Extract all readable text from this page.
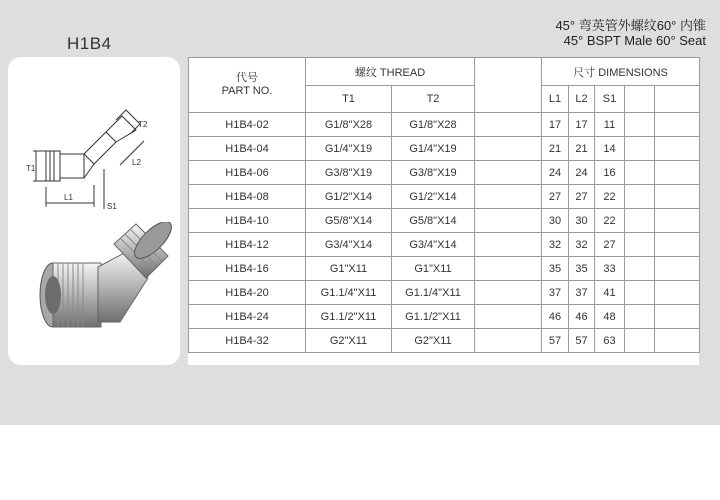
H1B4
45° 弯英管外螺纹60° 内锥
45° BSPT Male 60° Seat
T1
L1
S1
L2
T2
代号
PART NO.	螺纹 THREAD			尺寸 DIMENSIONS				
	T1	T2		L1	L2	S1		
H1B4-02	G1/8"X28	G1/8"X28		17	17	11		
H1B4-04	G1/4"X19	G1/4"X19		21	21	14		
H1B4-06	G3/8"X19	G3/8"X19		24	24	16		
H1B4-08	G1/2"X14	G1/2"X14		27	27	22		
H1B4-10	G5/8"X14	G5/8"X14		30	30	22		
H1B4-12	G3/4"X14	G3/4"X14		32	32	27		
H1B4-16	G1"X11	G1"X11		35	35	33		
H1B4-20	G1.1/4"X11	G1.1/4"X11		37	37	41		
H1B4-24	G1.1/2"X11	G1.1/2"X11		46	46	48		
H1B4-32	G2"X11	G2"X11		57	57	63		
